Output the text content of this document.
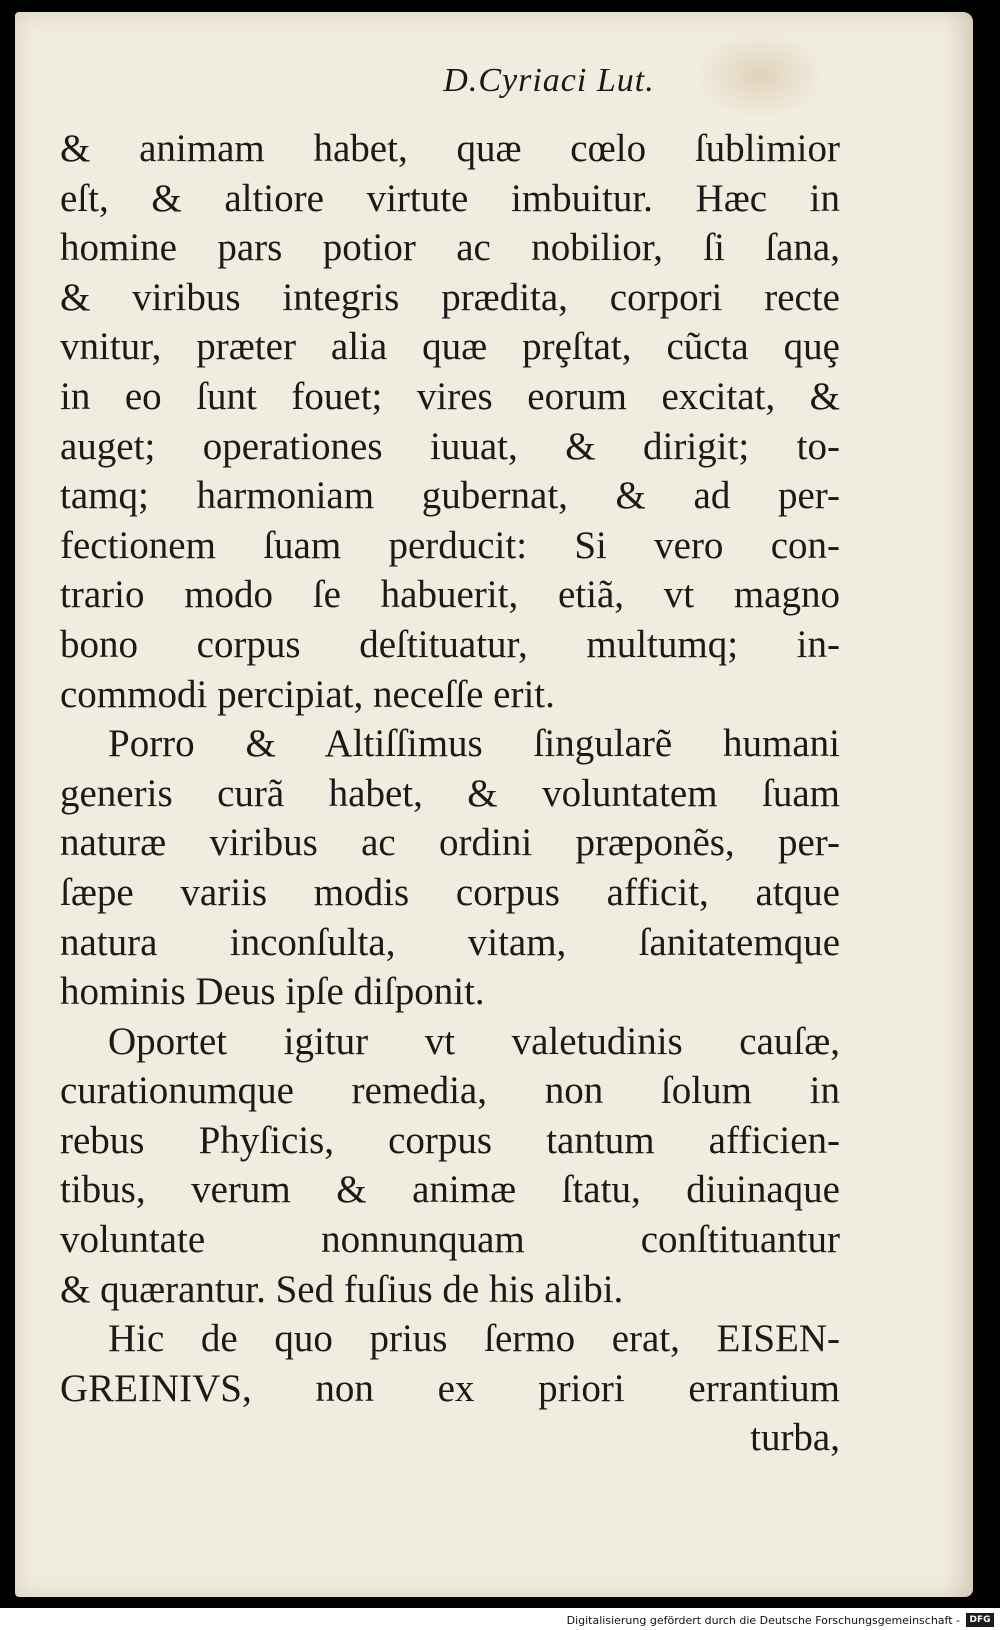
D.Cyriaci Lut.
& animam habet, quæ cœlo ſublimior
eſt, & altiore virtute imbuitur. Hæc in
homine pars potior ac nobilior, ſi ſana,
& viribus integris prædita, corpori recte
vnitur, præter alia quæ prȩſtat, cũcta quȩ
in eo ſunt fouet; vires eorum excitat, &
auget; operationes iuuat, & dirigit; to-
tamq; harmoniam gubernat, & ad per-
fectionem ſuam perducit: Si vero con-
trario modo ſe habuerit, etiã, vt magno
bono corpus deſtituatur, multumq; in-
commodi percipiat, neceſſe erit.
Porro & Altiſſimus ſingularẽ humani
generis curã habet, & voluntatem ſuam
naturæ viribus ac ordini præponẽs, per-
ſæpe variis modis corpus afficit, atque
natura inconſulta, vitam, ſanitatemque
hominis Deus ipſe diſponit.
Oportet igitur vt valetudinis cauſæ,
curationumque remedia, non ſolum in
rebus Phyſicis, corpus tantum afficien-
tibus, verum & animæ ſtatu, diuinaque
voluntate nonnunquam conſtituantur
& quærantur. Sed fuſius de his alibi.
Hic de quo prius ſermo erat, EISEN-
GREINIVS, non ex priori errantium
turba,
Digitalisierung gefördert durch die Deutsche Forschungsgemeinschaft -	DFG
